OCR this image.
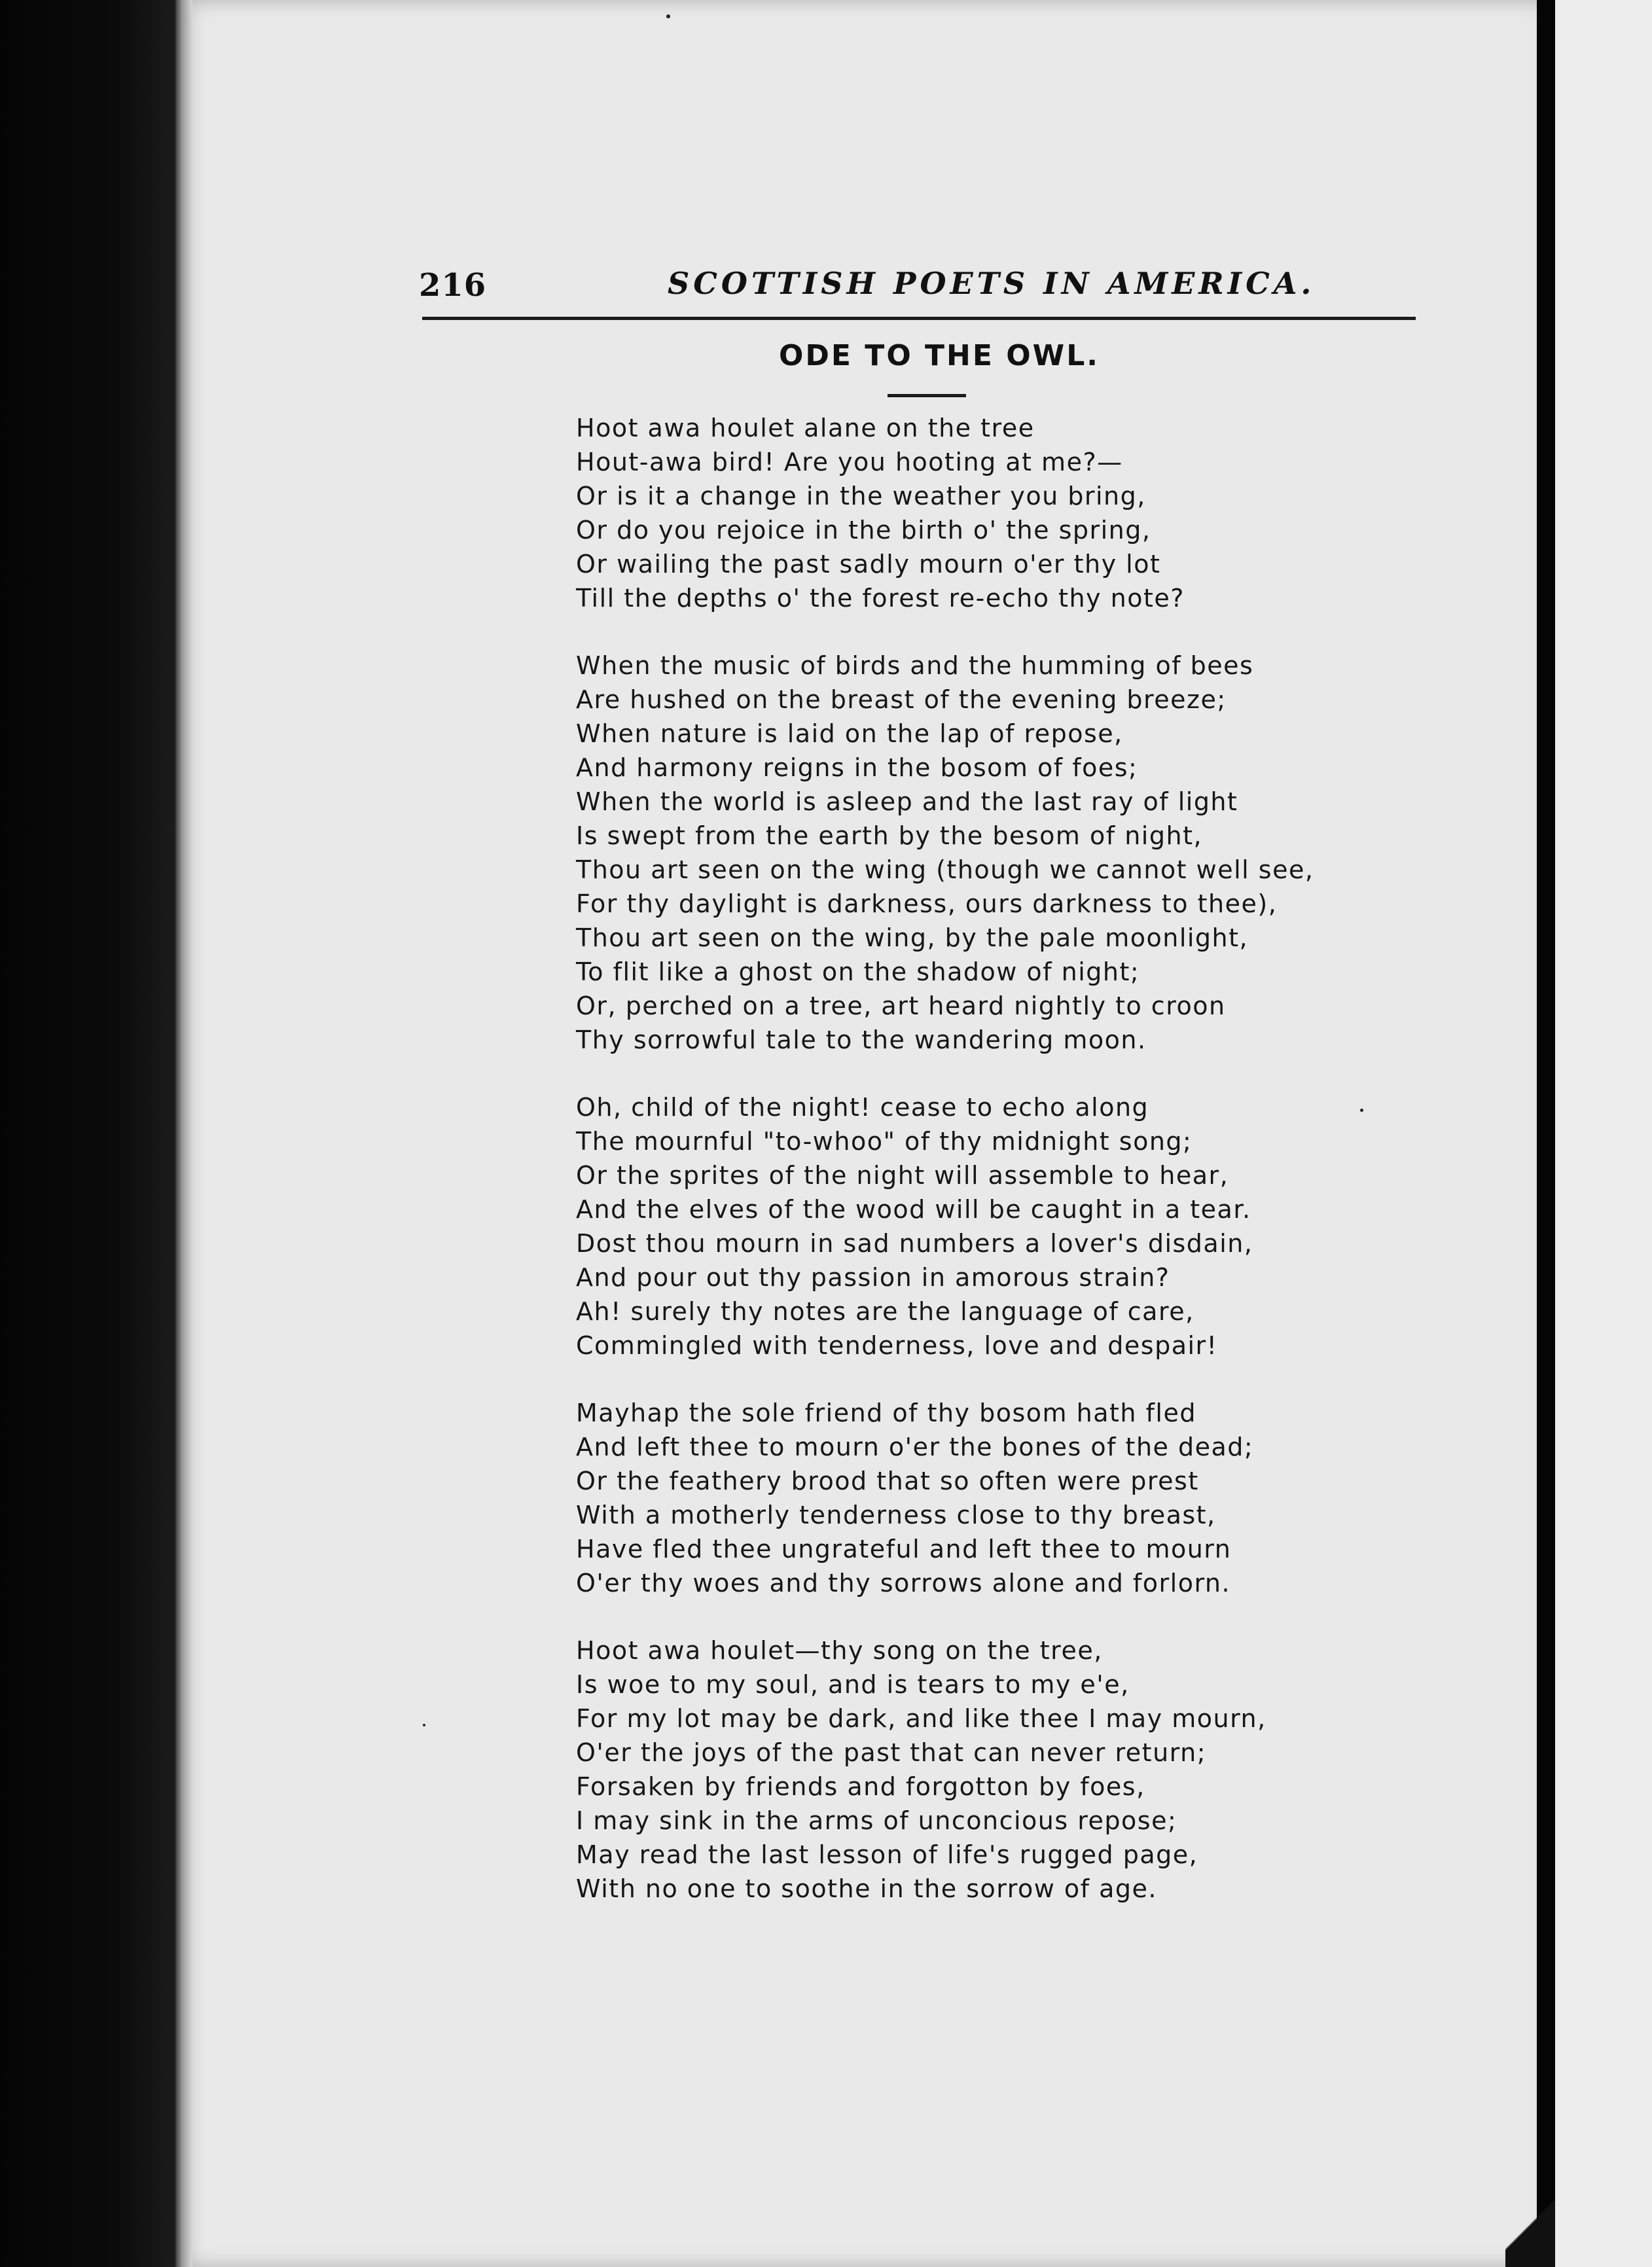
216	SCOTTISH POETS IN AMERICA.
ODE TO THE OWL.
Hoot awa houlet alane on the tree
Hout-awa bird! Are you hooting at me?—
Or is it a change in the weather you bring,
Or do you rejoice in the birth o' the spring,
Or wailing the past sadly mourn o'er thy lot
Till the depths o' the forest re-echo thy note?
When the music of birds and the humming of bees
Are hushed on the breast of the evening breeze;
When nature is laid on the lap of repose,
And harmony reigns in the bosom of foes;
When the world is asleep and the last ray of light
Is swept from the earth by the besom of night,
Thou art seen on the wing (though we cannot well see,
For thy daylight is darkness, ours darkness to thee),
Thou art seen on the wing, by the pale moonlight,
To flit like a ghost on the shadow of night;
Or, perched on a tree, art heard nightly to croon
Thy sorrowful tale to the wandering moon.
Oh, child of the night! cease to echo along
The mournful "to-whoo" of thy midnight song;
Or the sprites of the night will assemble to hear,
And the elves of the wood will be caught in a tear.
Dost thou mourn in sad numbers a lover's disdain,
And pour out thy passion in amorous strain?
Ah! surely thy notes are the language of care,
Commingled with tenderness, love and despair!
Mayhap the sole friend of thy bosom hath fled
And left thee to mourn o'er the bones of the dead;
Or the feathery brood that so often were prest
With a motherly tenderness close to thy breast,
Have fled thee ungrateful and left thee to mourn
O'er thy woes and thy sorrows alone and forlorn.
Hoot awa houlet—thy song on the tree,
Is woe to my soul, and is tears to my e'e,
For my lot may be dark, and like thee I may mourn,
O'er the joys of the past that can never return;
Forsaken by friends and forgotton by foes,
I may sink in the arms of unconcious repose;
May read the last lesson of life's rugged page,
With no one to soothe in the sorrow of age.
